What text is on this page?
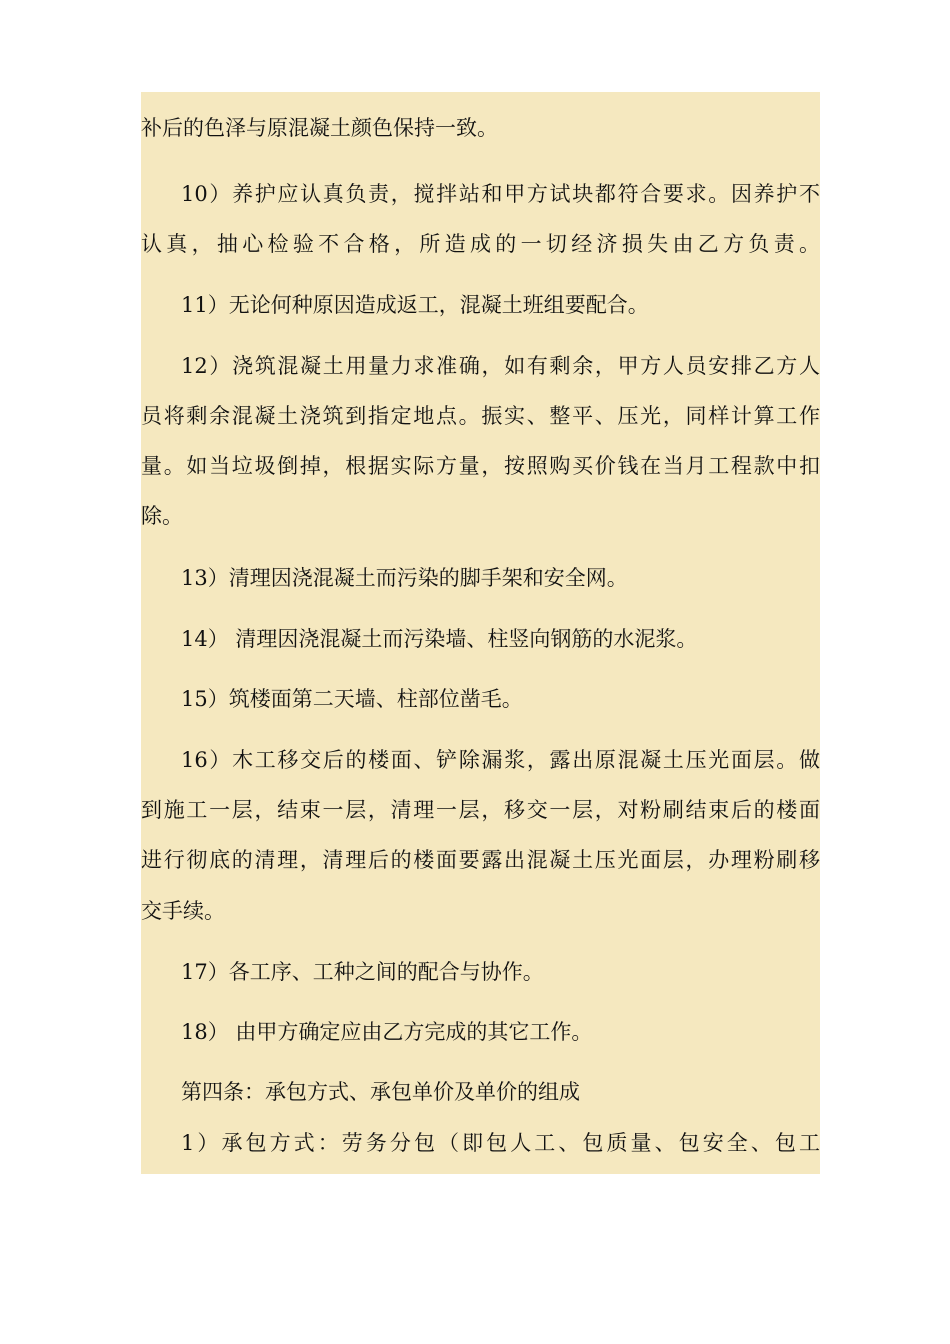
补后的色泽与原混凝土颜色保持一致。
10）养护应认真负责，搅拌站和甲方试块都符合要求。因养护不
认真，抽心检验不合格，所造成的一切经济损失由乙方负责。
11）无论何种原因造成返工，混凝土班组要配合。
12）浇筑混凝土用量力求准确，如有剩余，甲方人员安排乙方人
员将剩余混凝土浇筑到指定地点。振实、整平、压光，同样计算工作
量。如当垃圾倒掉，根据实际方量，按照购买价钱在当月工程款中扣
除。
13）清理因浇混凝土而污染的脚手架和安全网。
14） 清理因浇混凝土而污染墙、柱竖向钢筋的水泥浆。
15）筑楼面第二天墙、柱部位凿毛。
16）木工移交后的楼面、铲除漏浆，露出原混凝土压光面层。做
到施工一层，结束一层，清理一层，移交一层，对粉刷结束后的楼面
进行彻底的清理，清理后的楼面要露出混凝土压光面层，办理粉刷移
交手续。
17）各工序、工种之间的配合与协作。
18） 由甲方确定应由乙方完成的其它工作。
第四条：承包方式、承包单价及单价的组成
1）承包方式：劳务分包（即包人工、包质量、包安全、包工
